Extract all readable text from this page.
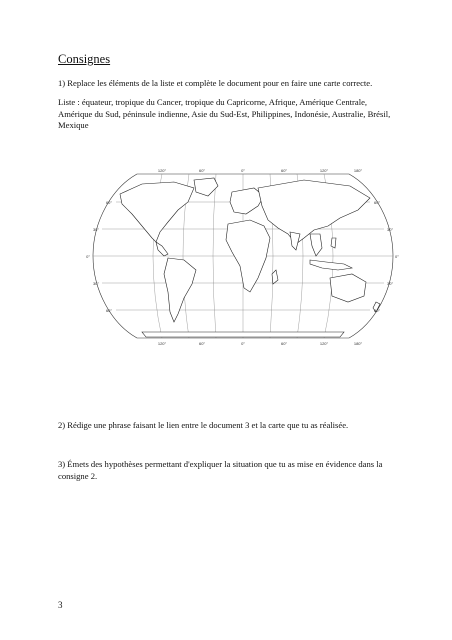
Consignes
1) Replace les éléments de la liste et complète le document pour en faire une carte correcte.
Liste : équateur, tropique du Cancer, tropique du Capricorne, Afrique, Amérique Centrale, Amérique du Sud, péninsule indienne, Asie du Sud-Est, Philippines, Indonésie, Australie, Brésil, Mexique
120°	60°	0°	60°	120°	180°
120°	60°	0°	60°	120°	180°
60°
30°
0°
30°
60°
60°
30°
0°
30°
60°
2) Rédige une phrase faisant le lien entre le document 3 et la carte que tu as réalisée.
3) Émets des hypothèses permettant d'expliquer la situation que tu as mise en évidence dans la consigne 2.
3
